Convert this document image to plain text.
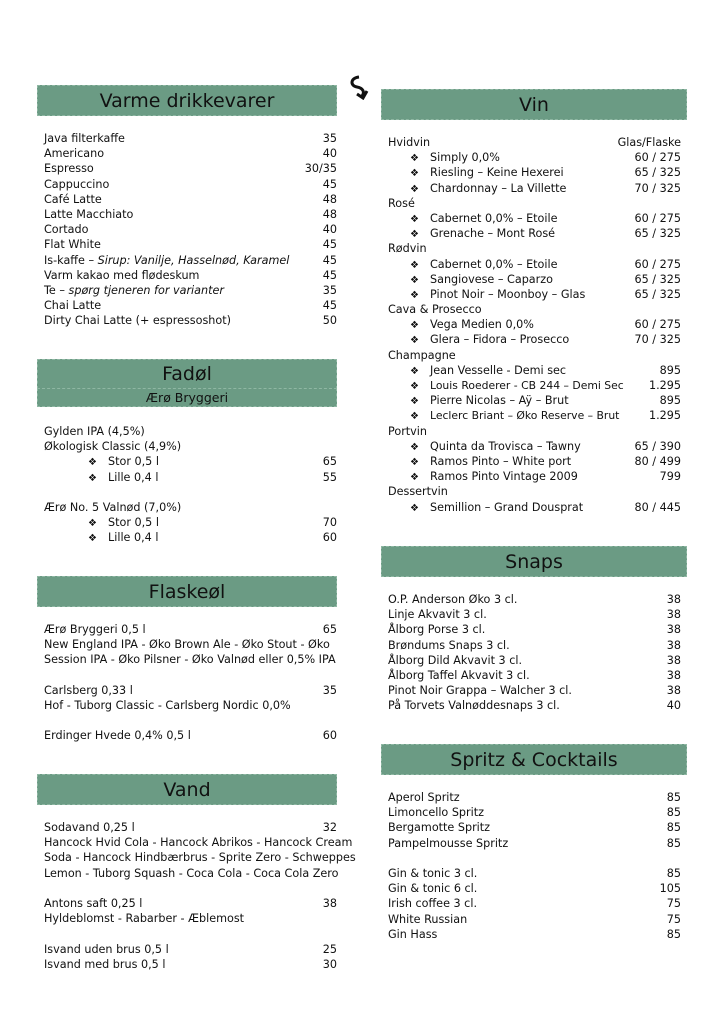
Varme drikkevarer
Java filterkaffe	35
Americano	40
Espresso	30/35
Cappuccino	45
Café Latte	48
Latte Macchiato	48
Cortado	40
Flat White	45
Is-kaffe – Sirup: Vanilje, Hasselnød, Karamel	45
Varm kakao med flødeskum	45
Te – spørg tjeneren for varianter	35
Chai Latte	45
Dirty Chai Latte (+ espressoshot)	50
Fadøl
Ærø Bryggeri
Gylden IPA (4,5%)
Økologisk Classic (4,9%)
❖ Stor 0,5 l	65
❖ Lille 0,4 l	55
Ærø No. 5 Valnød (7,0%)
❖ Stor 0,5 l	70
❖ Lille 0,4 l	60
Flaskeøl
Ærø Bryggeri 0,5 l	65
New England IPA - Øko Brown Ale - Øko Stout - Øko
Session IPA - Øko Pilsner - Øko Valnød eller 0,5% IPA
Carlsberg 0,33 l	35
Hof - Tuborg Classic - Carlsberg Nordic 0,0%
Erdinger Hvede 0,4% 0,5 l	60
Vand
Sodavand 0,25 l	32
Hancock Hvid Cola - Hancock Abrikos - Hancock Cream
Soda - Hancock Hindbærbrus - Sprite Zero - Schweppes
Lemon - Tuborg Squash - Coca Cola - Coca Cola Zero
Antons saft 0,25 l	38
Hyldeblomst - Rabarber - Æblemost
Isvand uden brus 0,5 l	25
Isvand med brus 0,5 l	30
Vin
Hvidvin	Glas/Flaske
❖ Simply 0,0%	60 / 275
❖ Riesling – Keine Hexerei	65 / 325
❖ Chardonnay – La Villette	70 / 325
Rosé
❖ Cabernet 0,0% – Etoile	60 / 275
❖ Grenache – Mont Rosé	65 / 325
Rødvin
❖ Cabernet 0,0% – Etoile	60 / 275
❖ Sangiovese – Caparzo	65 / 325
❖ Pinot Noir – Moonboy – Glas	65 / 325
Cava & Prosecco
❖ Vega Medien 0,0%	60 / 275
❖ Glera – Fidora – Prosecco	70 / 325
Champagne
❖ Jean Vesselle - Demi sec	895
❖ Louis Roederer - CB 244 – Demi Sec 1.295
❖ Pierre Nicolas – Aÿ – Brut	895
❖ Leclerc Briant – Øko Reserve – Brut	1.295
Portvin
❖ Quinta da Trovisca – Tawny	65 / 390
❖ Ramos Pinto – White port	80 / 499
❖ Ramos Pinto Vintage 2009	799
Dessertvin
❖ Semillion – Grand Dousprat	80 / 445
Snaps
O.P. Anderson Øko 3 cl.	38
Linje Akvavit 3 cl.	38
Ålborg Porse 3 cl.	38
Brøndums Snaps 3 cl.	38
Ålborg Dild Akvavit 3 cl.	38
Ålborg Taffel Akvavit 3 cl.	38
Pinot Noir Grappa – Walcher 3 cl.	38
På Torvets Valnøddesnaps 3 cl.	40
Spritz & Cocktails
Aperol Spritz	85
Limoncello Spritz	85
Bergamotte Spritz	85
Pampelmousse Spritz	85
Gin & tonic 3 cl.	85
Gin & tonic 6 cl.	105
Irish coffee 3 cl.	75
White Russian	75
Gin Hass	85
